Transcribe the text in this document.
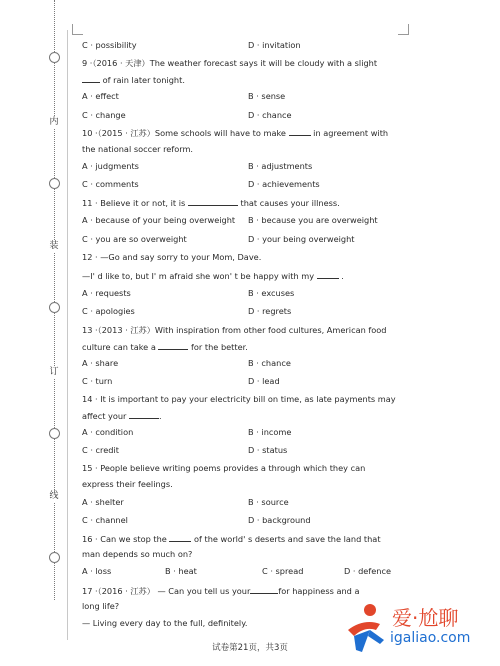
内
装
订
线
C · possibility	D · invitation
9 ·（2016 · 天津）The weather forecast says it will be cloudy with a slight
of rain later tonight.
A · effect	B · sense
C · change	D · chance
10 ·（2015 · 江苏）Some schools will have to make	in agreement with
the national soccer reform.
A · judgments	B · adjustments
C · comments	D · achievements
11 · Believe it or not, it is	that causes your illness.
A · because of your being overweight B · because you are overweight
C · you are so overweight	D · your being overweight
12 · —Go and say sorry to your Mom, Dave.
—I' d like to, but I' m afraid she won' t be happy with my	.
A · requests	B · excuses
C · apologies	D · regrets
13 ·（2013 · 江苏）With inspiration from other food cultures, American food
culture can take a	for the better.
A · share	B · chance
C · turn	D · lead
14 · It is important to pay your electricity bill on time, as late payments may
affect your	.
A · condition	B · income
C · credit	D · status
15 · People believe writing poems provides a through which they can
express their feelings.
A · shelter	B · source
C · channel	D · background
16 · Can we stop the	of the world' s deserts and save the land that
man depends so much on?
A · loss	B · heat	C · spread	D · defence
17 ·（2016 · 江苏） — Can you tell us your	for happiness and a
long life?
— Living every day to the full, definitely.
试卷第21页，共3页
爱·尬聊
igaliao.com
